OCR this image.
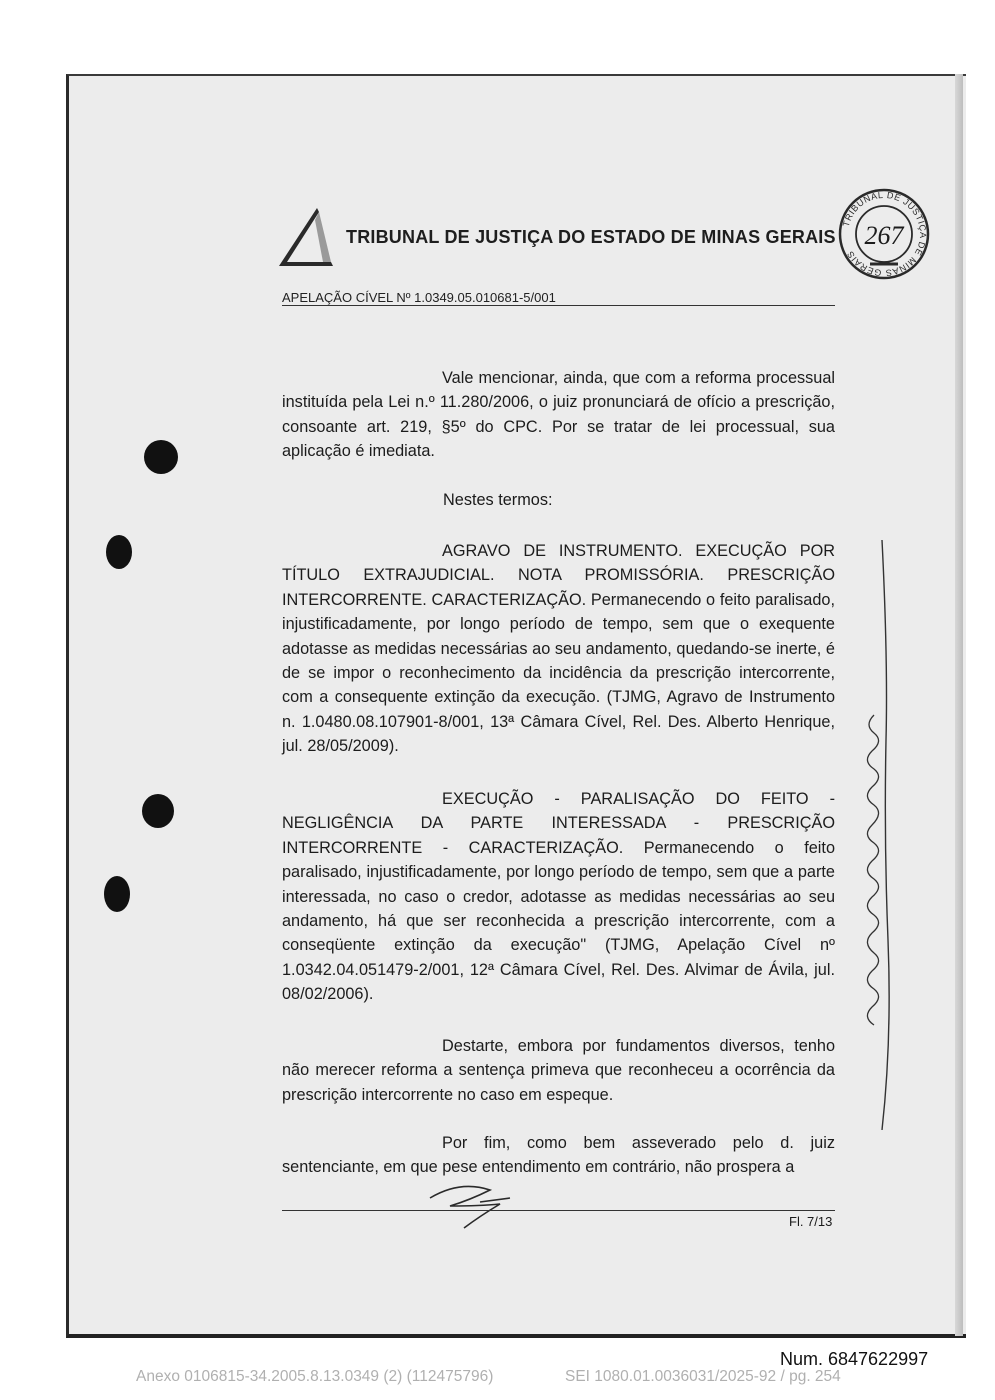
TRIBUNAL DE JUSTIÇA DO ESTADO DE MINAS GERAIS
TRIBUNAL DE JUSTIÇA DE MINAS GERAIS
267
APELAÇÃO CÍVEL Nº 1.0349.05.010681-5/001
Vale mencionar, ainda, que com a reforma processual instituída pela Lei n.º 11.280/2006, o juiz pronunciará de ofício a prescrição, consoante art. 219, §5º do CPC. Por se tratar de lei processual, sua aplicação é imediata.
Nestes termos:
AGRAVO DE INSTRUMENTO. EXECUÇÃO POR TÍTULO EXTRAJUDICIAL. NOTA PROMISSÓRIA. PRESCRIÇÃO INTERCORRENTE. CARACTERIZAÇÃO. Permanecendo o feito paralisado, injustificadamente, por longo período de tempo, sem que o exequente adotasse as medidas necessárias ao seu andamento, quedando-se inerte, é de se impor o reconhecimento da incidência da prescrição intercorrente, com a consequente extinção da execução. (TJMG, Agravo de Instrumento n. 1.0480.08.107901-8/001, 13ª Câmara Cível, Rel. Des. Alberto Henrique, jul. 28/05/2009).
EXECUÇÃO - PARALISAÇÃO DO FEITO - NEGLIGÊNCIA DA PARTE INTERESSADA - PRESCRIÇÃO INTERCORRENTE - CARACTERIZAÇÃO. Permanecendo o feito paralisado, injustificadamente, por longo período de tempo, sem que a parte interessada, no caso o credor, adotasse as medidas necessárias ao seu andamento, há que ser reconhecida a prescrição intercorrente, com a conseqüente extinção da execução" (TJMG, Apelação Cível nº 1.0342.04.051479-2/001, 12ª Câmara Cível, Rel. Des. Alvimar de Ávila, jul. 08/02/2006).
Destarte, embora por fundamentos diversos, tenho não merecer reforma a sentença primeva que reconheceu a ocorrência da prescrição intercorrente no caso em espeque.
Por fim, como bem asseverado pelo d. juiz sentenciante, em que pese entendimento em contrário, não prospera a
Fl. 7/13
Num. 6847622997
Anexo 0106815-34.2005.8.13.0349 (2) (112475796)	SEI 1080.01.0036031/2025-92 / pg. 254
